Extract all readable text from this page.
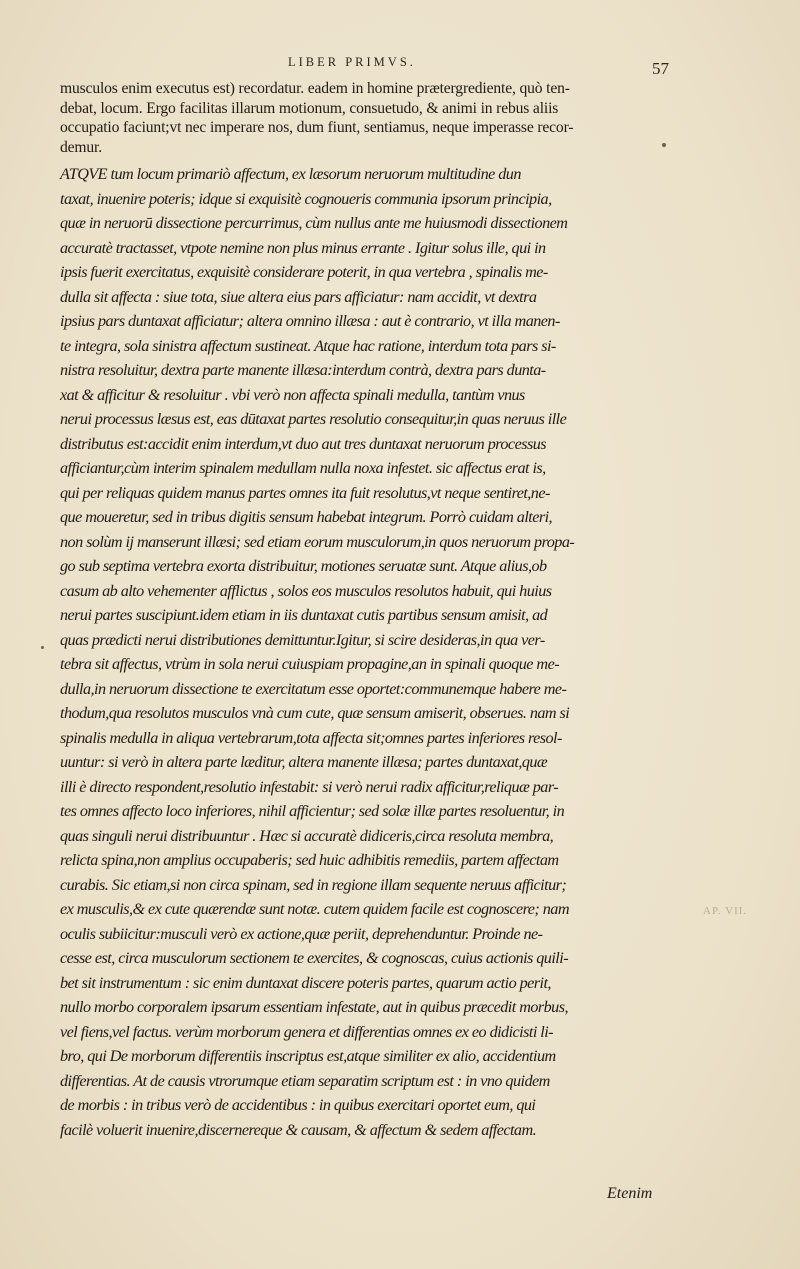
LIBER PRIMVS.	57
musculos enim executus est) recordatur. eadem in homine prætergrediente, quò ten-
debat, locum. Ergo facilitas illarum motionum, consuetudo, & animi in rebus aliis
occupatio faciunt;vt nec imperare nos, dum fiunt, sentiamus, neque imperasse recor-
demur.
ATQVE tum locum primariò affectum, ex læsorum neruorum multitudine dun
taxat, inuenire poteris; idque si exquisitè cognoueris communia ipsorum principia,
quæ in neruorū dissectione percurrimus, cùm nullus ante me huiusmodi dissectionem
accuratè tractasset, vtpote nemine non plus minus errante . Igitur solus ille, qui in
ipsis fuerit exercitatus, exquisitè considerare poterit, in qua vertebra , spinalis me-
dulla sit affecta : siue tota, siue altera eius pars afficiatur: nam accidit, vt dextra
ipsius pars duntaxat afficiatur; altera omnino illæsa : aut è contrario, vt illa manen-
te integra, sola sinistra affectum sustineat. Atque hac ratione, interdum tota pars si-
nistra resoluitur, dextra parte manente illæsa:interdum contrà, dextra pars dunta-
xat & afficitur & resoluitur . vbi verò non affecta spinali medulla, tantùm vnus
nerui processus læsus est, eas dūtaxat partes resolutio consequitur,in quas neruus ille
distributus est:accidit enim interdum,vt duo aut tres duntaxat neruorum processus
afficiantur,cùm interim spinalem medullam nulla noxa infestet. sic affectus erat is,
qui per reliquas quidem manus partes omnes ita fuit resolutus,vt neque sentiret,ne-
que moueretur, sed in tribus digitis sensum habebat integrum. Porrò cuidam alteri,
non solùm ij manserunt illæsi; sed etiam eorum musculorum,in quos neruorum propa-
go sub septima vertebra exorta distribuitur, motiones seruatæ sunt. Atque alius,ob
casum ab alto vehementer afflictus , solos eos musculos resolutos habuit, qui huius
nerui partes suscipiunt.idem etiam in iis duntaxat cutis partibus sensum amisit, ad
quas prædicti nerui distributiones demittuntur.Igitur, si scire desideras,in qua ver-
tebra sit affectus, vtrùm in sola nerui cuiuspiam propagine,an in spinali quoque me-
dulla,in neruorum dissectione te exercitatum esse oportet:communemque habere me-
thodum,qua resolutos musculos vnà cum cute, quæ sensum amiserit, obserues. nam si
spinalis medulla in aliqua vertebrarum,tota affecta sit;omnes partes inferiores resol-
uuntur: si verò in altera parte læditur, altera manente illæsa; partes duntaxat,quæ
illi è directo respondent,resolutio infestabit: si verò nerui radix afficitur,reliquæ par-
tes omnes affecto loco inferiores, nihil afficientur; sed solæ illæ partes resoluentur, in
quas singuli nerui distribuuntur . Hæc si accuratè didiceris,circa resoluta membra,
relicta spina,non amplius occupaberis; sed huic adhibitis remediis, partem affectam
curabis. Sic etiam,si non circa spinam, sed in regione illam sequente neruus afficitur;
ex musculis,& ex cute quærendæ sunt notæ. cutem quidem facile est cognoscere; nam
oculis subiicitur:musculi verò ex actione,quæ periit, deprehenduntur. Proinde ne-
cesse est, circa musculorum sectionem te exercites, & cognoscas, cuius actionis quili-
bet sit instrumentum : sic enim duntaxat discere poteris partes, quarum actio perit,
nullo morbo corporalem ipsarum essentiam infestate, aut in quibus præcedit morbus,
vel fiens,vel factus. verùm morborum genera et differentias omnes ex eo didicisti li-
bro, qui De morborum differentiis inscriptus est,atque similiter ex alio, accidentium
differentias. At de causis vtrorumque etiam separatim scriptum est : in vno quidem
de morbis : in tribus verò de accidentibus : in quibus exercitari oportet eum, qui
facilè voluerit inuenire,discernereque & causam, & affectum & sedem affectam.
Etenim
AP. VII.
